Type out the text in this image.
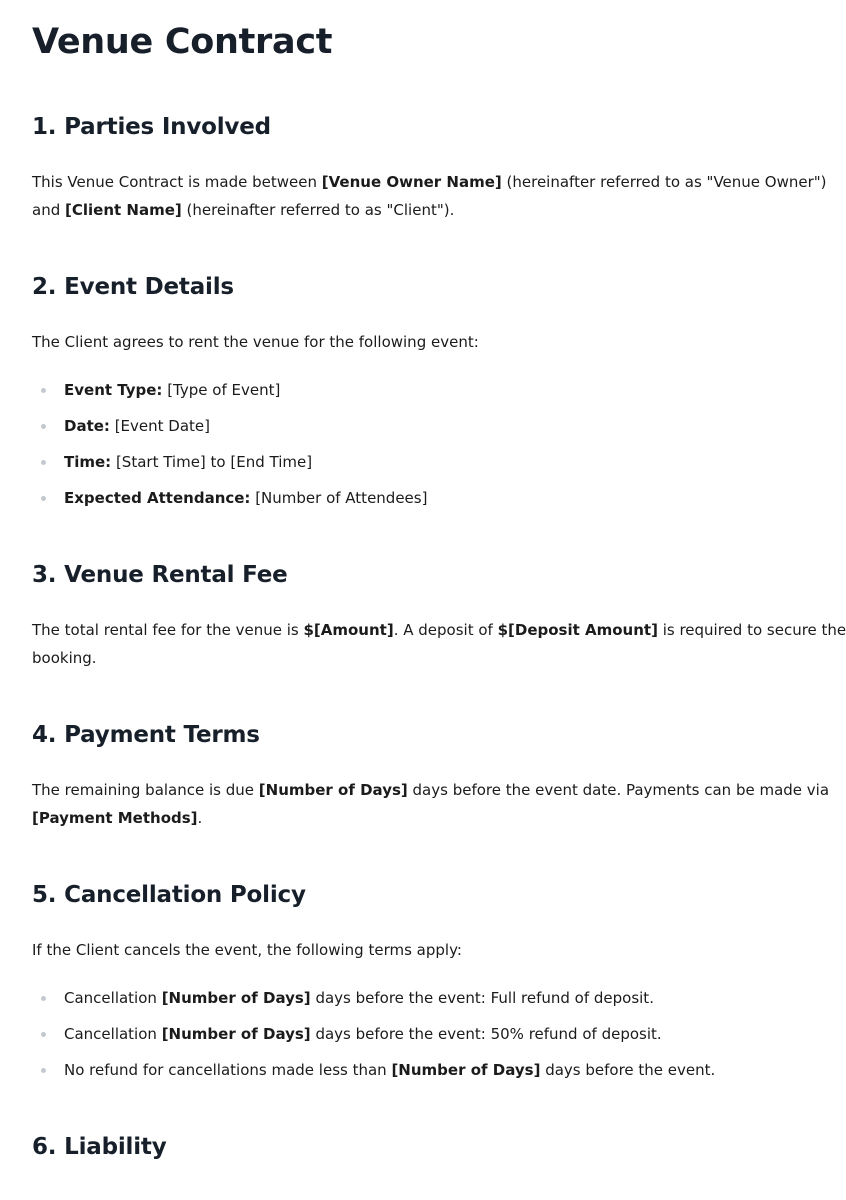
Venue Contract
1. Parties Involved

This Venue Contract is made between [Venue Owner Name] (hereinafter referred to as "Venue Owner")
and [Client Name] (hereinafter referred to as "Client").

2. Event Details

The Client agrees to rent the venue for the following event:

Event Type: [Type of Event]
Date: [Event Date]
Time: [Start Time] to [End Time]
Expected Attendance: [Number of Attendees]
3. Venue Rental Fee

The total rental fee for the venue is $[Amount]. A deposit of $[Deposit Amount] is required to secure the
booking.

4. Payment Terms

The remaining balance is due [Number of Days] days before the event date. Payments can be made via
[Payment Methods].

5. Cancellation Policy

If the Client cancels the event, the following terms apply:

Cancellation [Number of Days] days before the event: Full refund of deposit.
Cancellation [Number of Days] days before the event: 50% refund of deposit.
No refund for cancellations made less than [Number of Days] days before the event.
6. Liability
